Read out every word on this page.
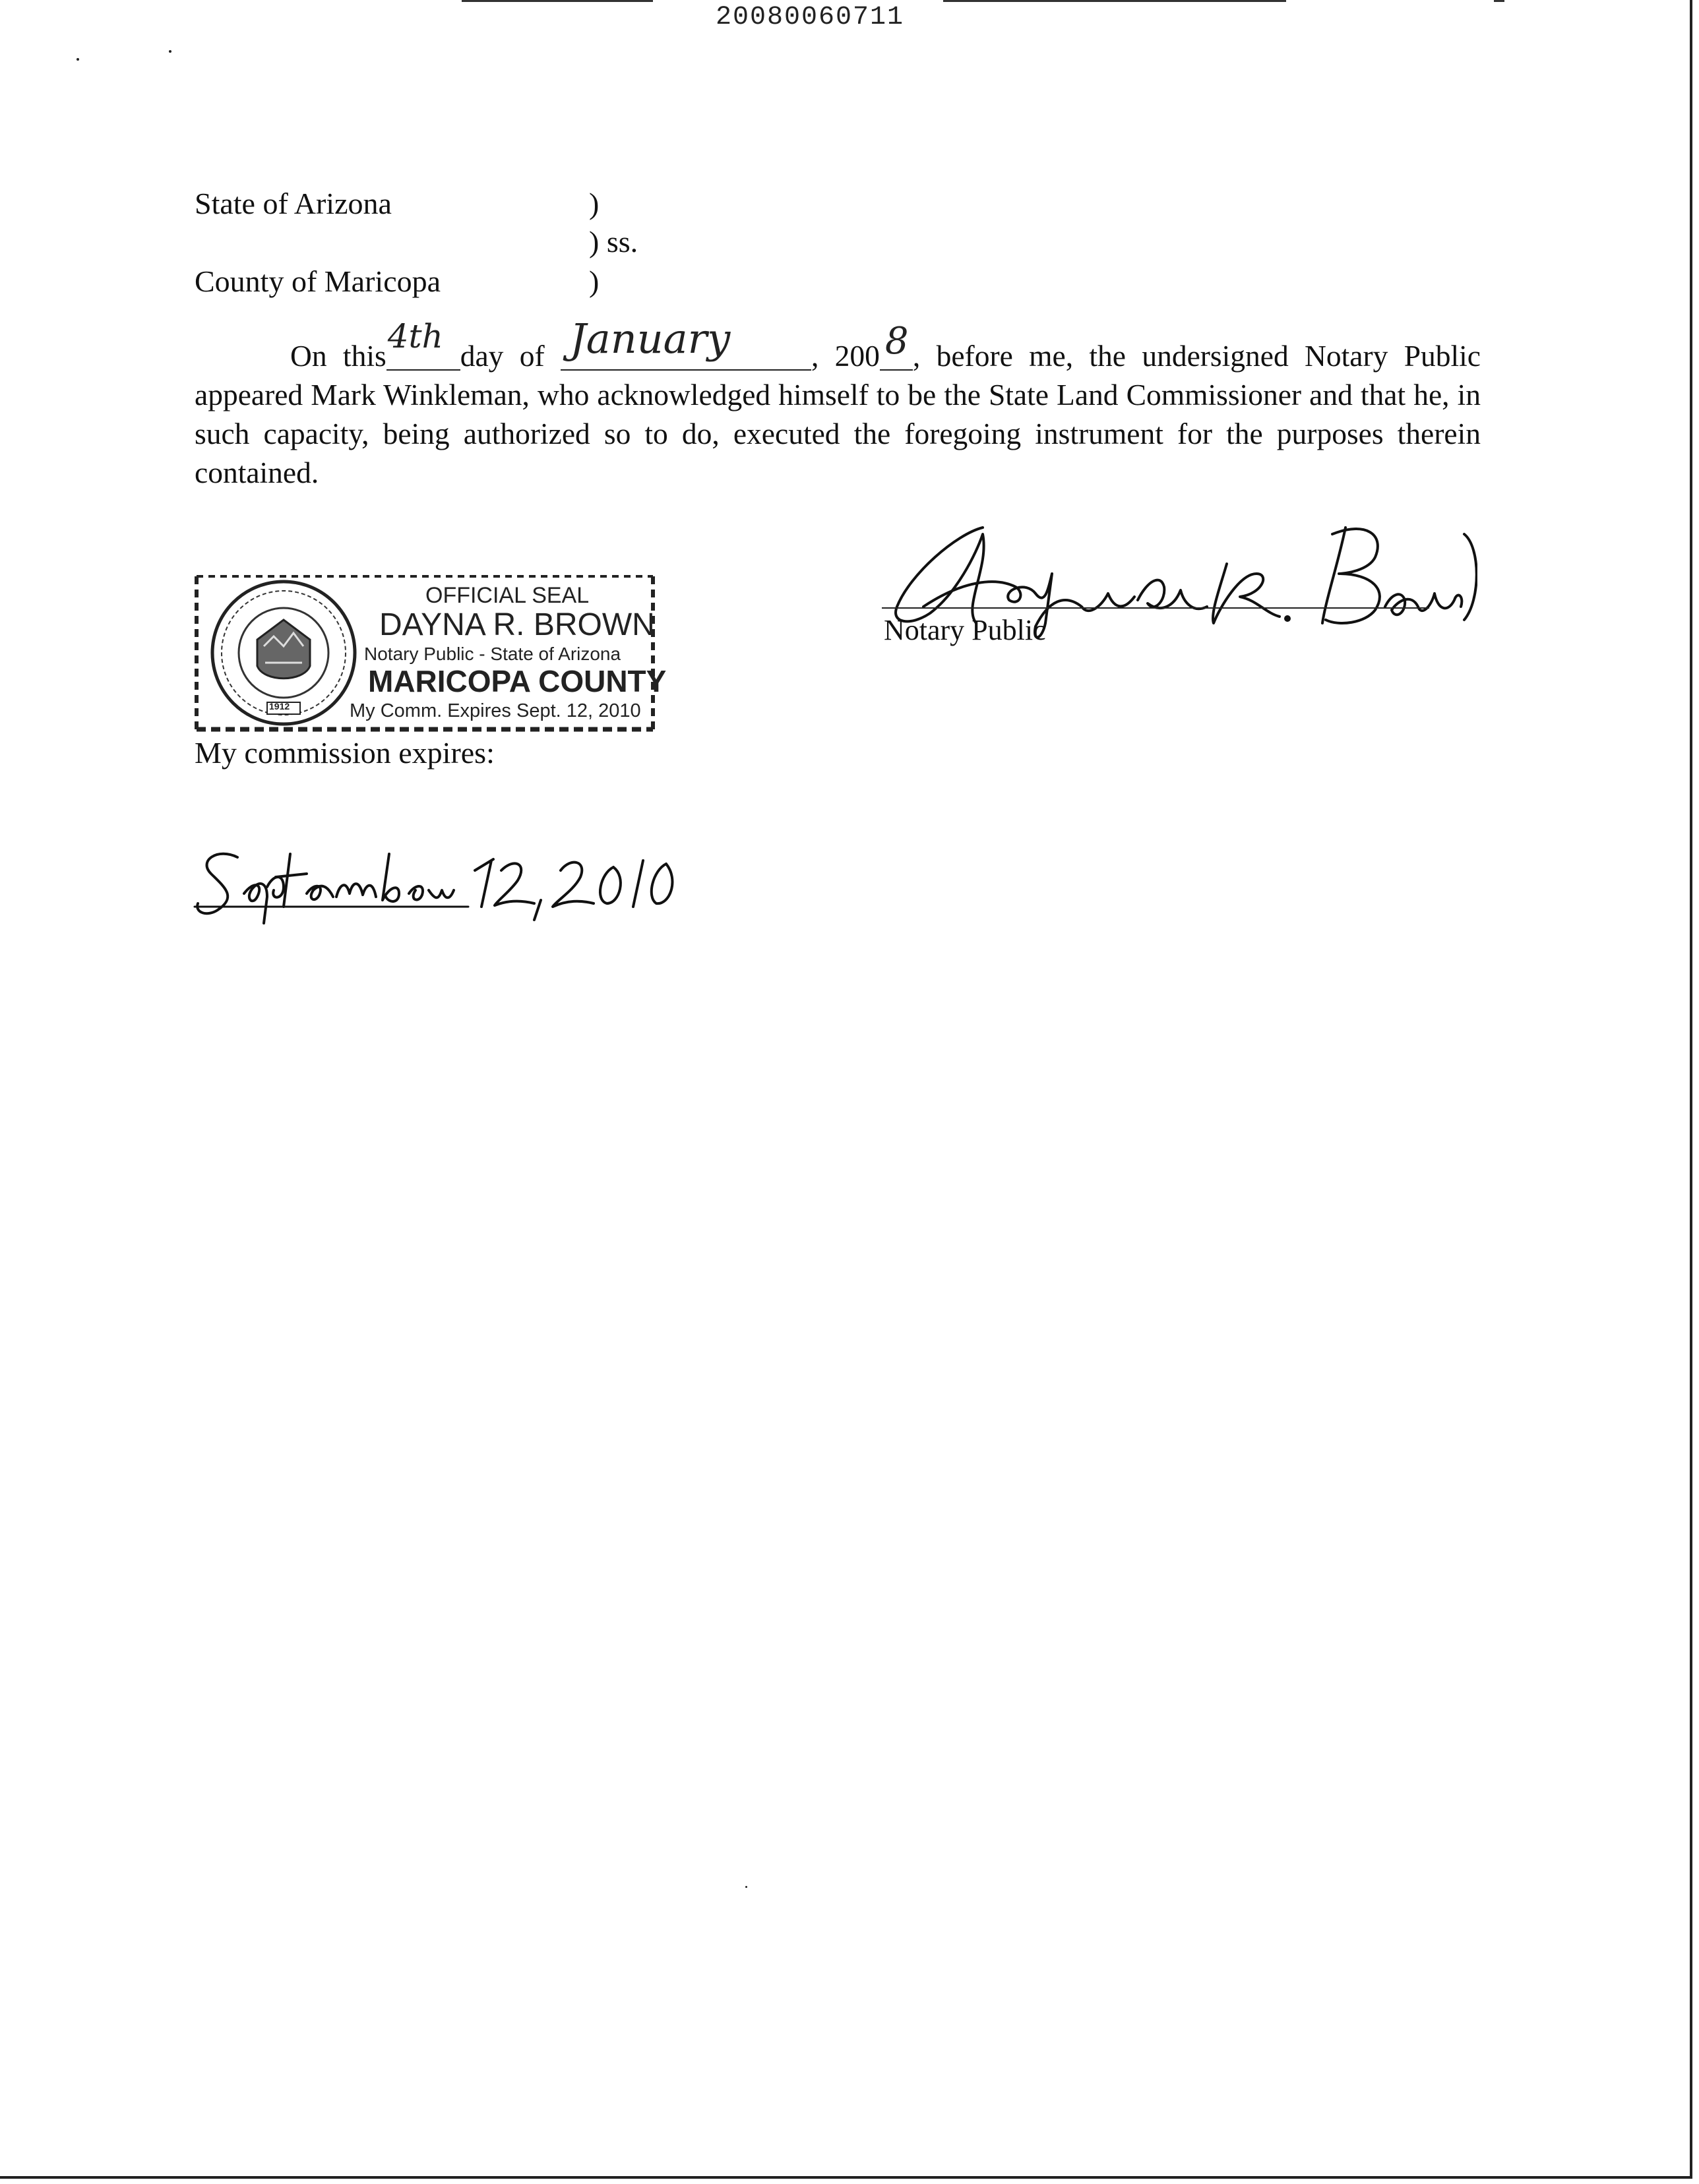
20080060711
State of Arizona
County of Maricopa
)
) ss.
)
On this
4th
day of January	, 200 8 , before me, the undersigned Notary Public appeared Mark Winkleman, who acknowledged himself to be the State Land Commissioner and that he, in such capacity, being authorized so to do, executed the foregoing instrument for the purposes therein contained.
Notary Public
1912
OFFICIAL SEAL
DAYNA R. BROWN
Notary Public - State of Arizona
MARICOPA COUNTY
My Comm. Expires Sept. 12, 2010
My commission expires:
